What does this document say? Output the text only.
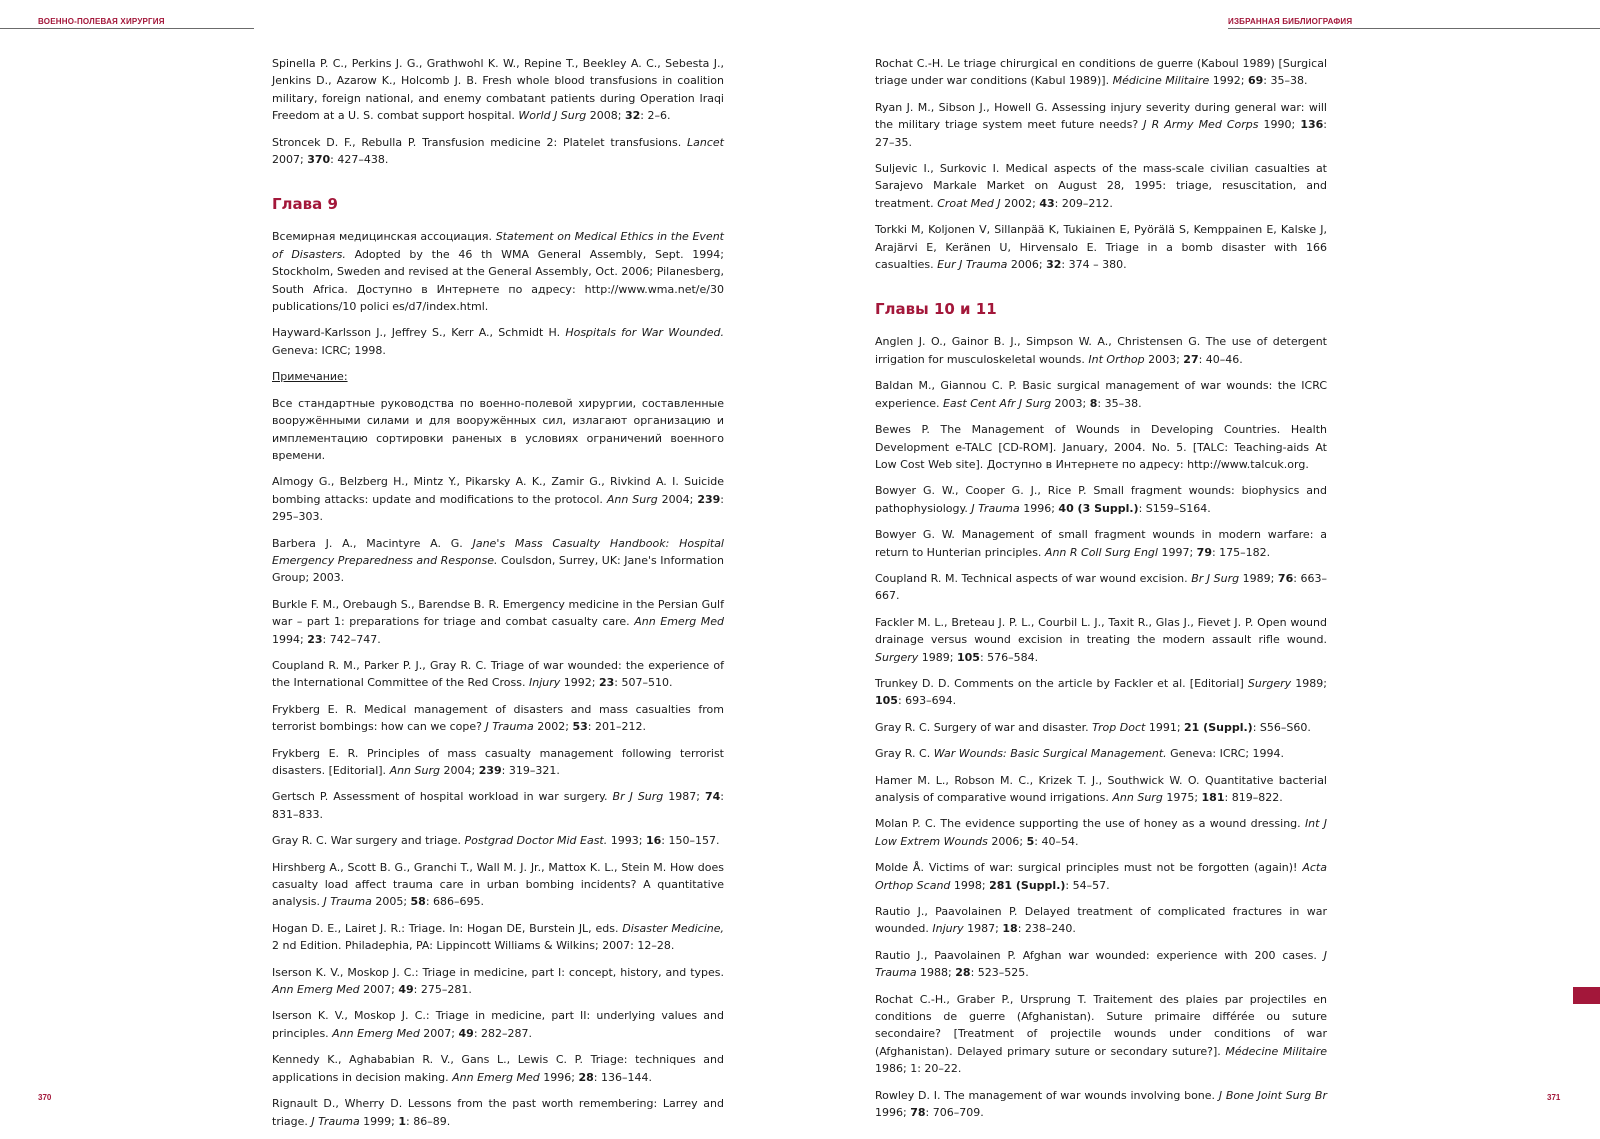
ВОЕННО-ПОЛЕВАЯ ХИРУРГИЯ	ИЗБРАННАЯ БИБЛИОГРАФИЯ

Spinella P. C., Perkins J. G., Grathwohl K. W., Repine T., Beekley A. C., Sebesta J., Jenkins D., Azarow K., Holcomb J. B. Fresh whole blood transfusions in coalition military, foreign national, and enemy combatant patients during Operation Iraqi Freedom at a U. S. combat support hospital. World J Surg 2008; 32: 2–6.

Stroncek D. F., Rebulla P. Transfusion medicine 2: Platelet transfusions. Lancet 2007; 370: 427–438.

Глава 9

Всемирная медицинская ассоциация. Statement on Medical Ethics in the Event of Disasters. Adopted by the 46 th WMA General Assembly, Sept. 1994; Stockholm, Sweden and revised at the General Assembly, Oct. 2006; Pilanesberg, South Africa. Доступно в Интернете по адресу: http://www.wma.net/e/30 publications/10 polici es/d7/index.html.

Hayward-Karlsson J., Jeffrey S., Kerr A., Schmidt H. Hospitals for War Wounded. Geneva: ICRC; 1998.

Примечание:

Все стандартные руководства по военно-полевой хирургии, составленные вооружёнными силами и для вооружённых сил, излагают организацию и имплементацию сортировки раненых в условиях ограничений военного времени.

Almogy G., Belzberg H., Mintz Y., Pikarsky A. K., Zamir G., Rivkind A. I. Suicide bombing attacks: update and modifications to the protocol. Ann Surg 2004; 239: 295–303.

Barbera J. A., Macintyre A. G. Jane's Mass Casualty Handbook: Hospital Emergency Preparedness and Response. Coulsdon, Surrey, UK: Jane's Information Group; 2003.

Burkle F. M., Orebaugh S., Barendse B. R. Emergency medicine in the Persian Gulf war – part 1: preparations for triage and combat casualty care. Ann Emerg Med 1994; 23: 742–747.

Coupland R. M., Parker P. J., Gray R. C. Triage of war wounded: the experience of the International Committee of the Red Cross. Injury 1992; 23: 507–510.

Frykberg E. R. Medical management of disasters and mass casualties from terrorist bombings: how can we cope? J Trauma 2002; 53: 201–212.

Frykberg E. R. Principles of mass casualty management following terrorist disasters. [Editorial]. Ann Surg 2004; 239: 319–321.

Gertsch P. Assessment of hospital workload in war surgery. Br J Surg 1987; 74: 831–833.

Gray R. C. War surgery and triage. Postgrad Doctor Mid East. 1993; 16: 150–157.

Hirshberg A., Scott B. G., Granchi T., Wall M. J. Jr., Mattox K. L., Stein M. How does casualty load affect trauma care in urban bombing incidents? A quantitative analysis. J Trauma 2005; 58: 686–695.

Hogan D. E., Lairet J. R.: Triage. In: Hogan DE, Burstein JL, eds. Disaster Medicine, 2 nd Edition. Philadephia, PA: Lippincott Williams & Wilkins; 2007: 12–28.

Iserson K. V., Moskop J. C.: Triage in medicine, part I: concept, history, and types. Ann Emerg Med 2007; 49: 275–281.

Iserson K. V., Moskop J. C.: Triage in medicine, part II: underlying values and principles. Ann Emerg Med 2007; 49: 282–287.

Kennedy K., Aghababian R. V., Gans L., Lewis C. P. Triage: techniques and applications in decision making. Ann Emerg Med 1996; 28: 136–144.

Rignault D., Wherry D. Lessons from the past worth remembering: Larrey and triage. J Trauma 1999; 1: 86–89.

Rochat C.-H. Le triage chirurgical en conditions de guerre (Kaboul 1989) [Surgical triage under war conditions (Kabul 1989)]. Médicine Militaire 1992; 69: 35–38.

Ryan J. M., Sibson J., Howell G. Assessing injury severity during general war: will the military triage system meet future needs? J R Army Med Corps 1990; 136: 27–35.

Suljevic I., Surkovic I. Medical aspects of the mass-scale civilian casualties at Sarajevo Markale Market on August 28, 1995: triage, resuscitation, and treatment. Croat Med J 2002; 43: 209–212.

Torkki M, Koljonen V, Sillanpää K, Tukiainen E, Pyörälä S, Kemppainen E, Kalske J, Arajärvi E, Keränen U, Hirvensalo E. Triage in a bomb disaster with 166 casualties. Eur J Trauma 2006; 32: 374 – 380.

Главы 10 и 11

Anglen J. O., Gainor B. J., Simpson W. A., Christensen G. The use of detergent irrigation for musculoskeletal wounds. Int Orthop 2003; 27: 40–46.

Baldan M., Giannou C. P. Basic surgical management of war wounds: the ICRC experience. East Cent Afr J Surg 2003; 8: 35–38.

Bewes P. The Management of Wounds in Developing Countries. Health Development e-TALC [CD-ROM]. January, 2004. No. 5. [TALC: Teaching-aids At Low Cost Web site]. Доступно в Интернете по адресу: http://www.talcuk.org.

Bowyer G. W., Cooper G. J., Rice P. Small fragment wounds: biophysics and pathophysiology. J Trauma 1996; 40 (3 Suppl.): S159–S164.

Bowyer G. W. Management of small fragment wounds in modern warfare: a return to Hunterian principles. Ann R Coll Surg Engl 1997; 79: 175–182.

Coupland R. M. Technical aspects of war wound excision. Br J Surg 1989; 76: 663–667.

Fackler M. L., Breteau J. P. L., Courbil L. J., Taxit R., Glas J., Fievet J. P. Open wound drainage versus wound excision in treating the modern assault rifle wound. Surgery 1989; 105: 576–584.

Trunkey D. D. Comments on the article by Fackler et al. [Editorial] Surgery 1989; 105: 693–694.

Gray R. C. Surgery of war and disaster. Trop Doct 1991; 21 (Suppl.): S56–S60.

Gray R. C. War Wounds: Basic Surgical Management. Geneva: ICRC; 1994.

Hamer M. L., Robson M. C., Krizek T. J., Southwick W. O. Quantitative bacterial analysis of comparative wound irrigations. Ann Surg 1975; 181: 819–822.

Molan P. C. The evidence supporting the use of honey as a wound dressing. Int J Low Extrem Wounds 2006; 5: 40–54.

Molde Å. Victims of war: surgical principles must not be forgotten (again)! Acta Orthop Scand 1998; 281 (Suppl.): 54–57.

Rautio J., Paavolainen P. Delayed treatment of complicated fractures in war wounded. Injury 1987; 18: 238–240.

Rautio J., Paavolainen P. Afghan war wounded: experience with 200 cases. J Trauma 1988; 28: 523–525.

Rochat C.-H., Graber P., Ursprung T. Traitement des plaies par projectiles en conditions de guerre (Afghanistan). Suture primaire différée ou suture secondaire? [Treatment of projectile wounds under conditions of war (Afghanistan). Delayed primary suture or secondary suture?]. Médecine Militaire 1986; 1: 20–22.

Rowley D. I. The management of war wounds involving bone. J Bone Joint Surg Br 1996; 78: 706–709.

370	371
